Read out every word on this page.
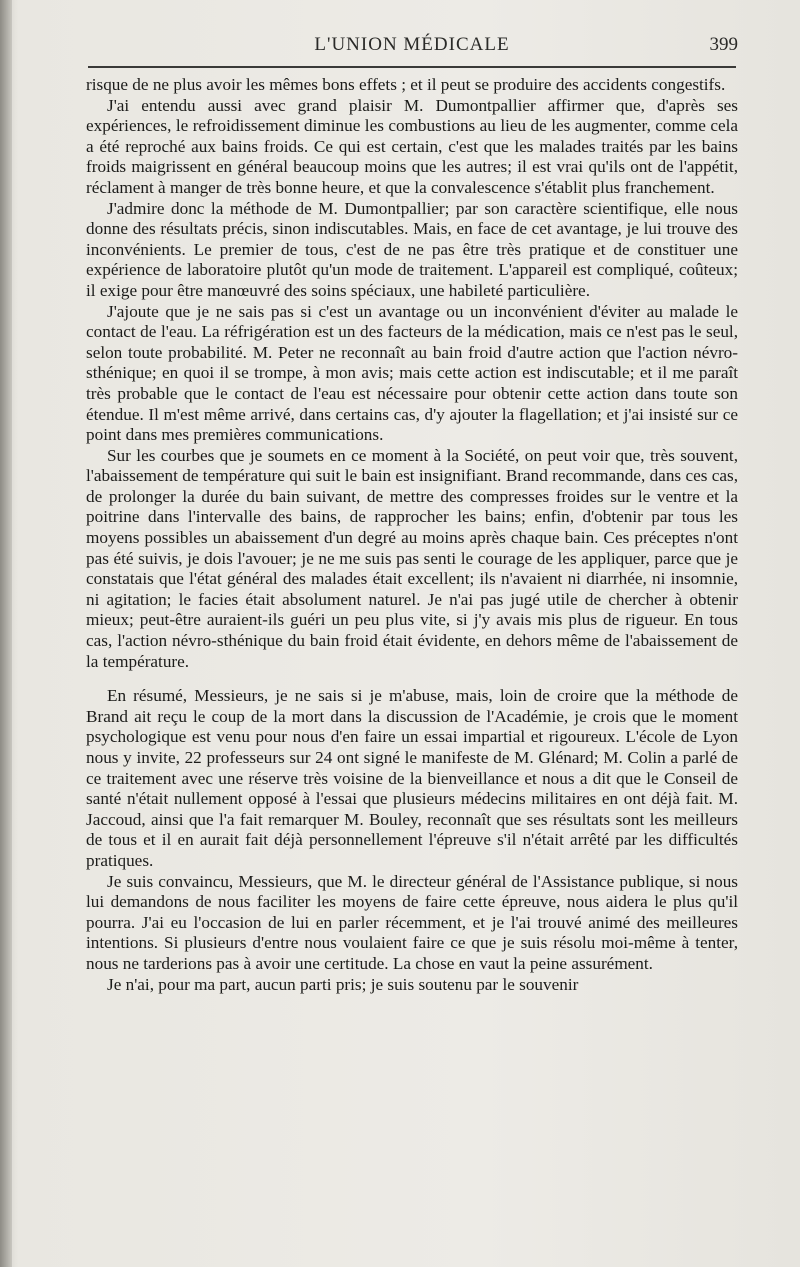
L'UNION MÉDICALE	399

risque de ne plus avoir les mêmes bons effets ; et il peut se produire des accidents congestifs.

J'ai entendu aussi avec grand plaisir M. Dumontpallier affirmer que, d'après ses expériences, le refroidissement diminue les combustions au lieu de les augmenter, comme cela a été reproché aux bains froids. Ce qui est certain, c'est que les malades traités par les bains froids maigrissent en général beaucoup moins que les autres; il est vrai qu'ils ont de l'appétit, réclament à manger de très bonne heure, et que la convalescence s'établit plus franchement.

J'admire donc la méthode de M. Dumontpallier; par son caractère scientifique, elle nous donne des résultats précis, sinon indiscutables. Mais, en face de cet avantage, je lui trouve des inconvénients. Le premier de tous, c'est de ne pas être très pratique et de constituer une expérience de laboratoire plutôt qu'un mode de traitement. L'appareil est compliqué, coûteux; il exige pour être manœuvré des soins spéciaux, une habileté particulière.

J'ajoute que je ne sais pas si c'est un avantage ou un inconvénient d'éviter au malade le contact de l'eau. La réfrigération est un des facteurs de la médication, mais ce n'est pas le seul, selon toute probabilité. M. Peter ne reconnaît au bain froid d'autre action que l'action névro-sthénique; en quoi il se trompe, à mon avis; mais cette action est indiscutable; et il me paraît très probable que le contact de l'eau est nécessaire pour obtenir cette action dans toute son étendue. Il m'est même arrivé, dans certains cas, d'y ajouter la flagellation; et j'ai insisté sur ce point dans mes premières communications.

Sur les courbes que je soumets en ce moment à la Société, on peut voir que, très souvent, l'abaissement de température qui suit le bain est insignifiant. Brand recommande, dans ces cas, de prolonger la durée du bain suivant, de mettre des compresses froides sur le ventre et la poitrine dans l'intervalle des bains, de rapprocher les bains; enfin, d'obtenir par tous les moyens possibles un abaissement d'un degré au moins après chaque bain. Ces préceptes n'ont pas été suivis, je dois l'avouer; je ne me suis pas senti le courage de les appliquer, parce que je constatais que l'état général des malades était excellent; ils n'avaient ni diarrhée, ni insomnie, ni agitation; le facies était absolument naturel. Je n'ai pas jugé utile de chercher à obtenir mieux; peut-être auraient-ils guéri un peu plus vite, si j'y avais mis plus de rigueur. En tous cas, l'action névro-sthénique du bain froid était évidente, en dehors même de l'abaissement de la température.

En résumé, Messieurs, je ne sais si je m'abuse, mais, loin de croire que la méthode de Brand ait reçu le coup de la mort dans la discussion de l'Académie, je crois que le moment psychologique est venu pour nous d'en faire un essai impartial et rigoureux. L'école de Lyon nous y invite, 22 professeurs sur 24 ont signé le manifeste de M. Glénard; M. Colin a parlé de ce traitement avec une réserve très voisine de la bienveillance et nous a dit que le Conseil de santé n'était nullement opposé à l'essai que plusieurs médecins militaires en ont déjà fait. M. Jaccoud, ainsi que l'a fait remarquer M. Bouley, reconnaît que ses résultats sont les meilleurs de tous et il en aurait fait déjà personnellement l'épreuve s'il n'était arrêté par les difficultés pratiques.

Je suis convaincu, Messieurs, que M. le directeur général de l'Assistance publique, si nous lui demandons de nous faciliter les moyens de faire cette épreuve, nous aidera le plus qu'il pourra. J'ai eu l'occasion de lui en parler récemment, et je l'ai trouvé animé des meilleures intentions. Si plusieurs d'entre nous voulaient faire ce que je suis résolu moi-même à tenter, nous ne tarderions pas à avoir une certitude. La chose en vaut la peine assurément.

Je n'ai, pour ma part, aucun parti pris; je suis soutenu par le souvenir
